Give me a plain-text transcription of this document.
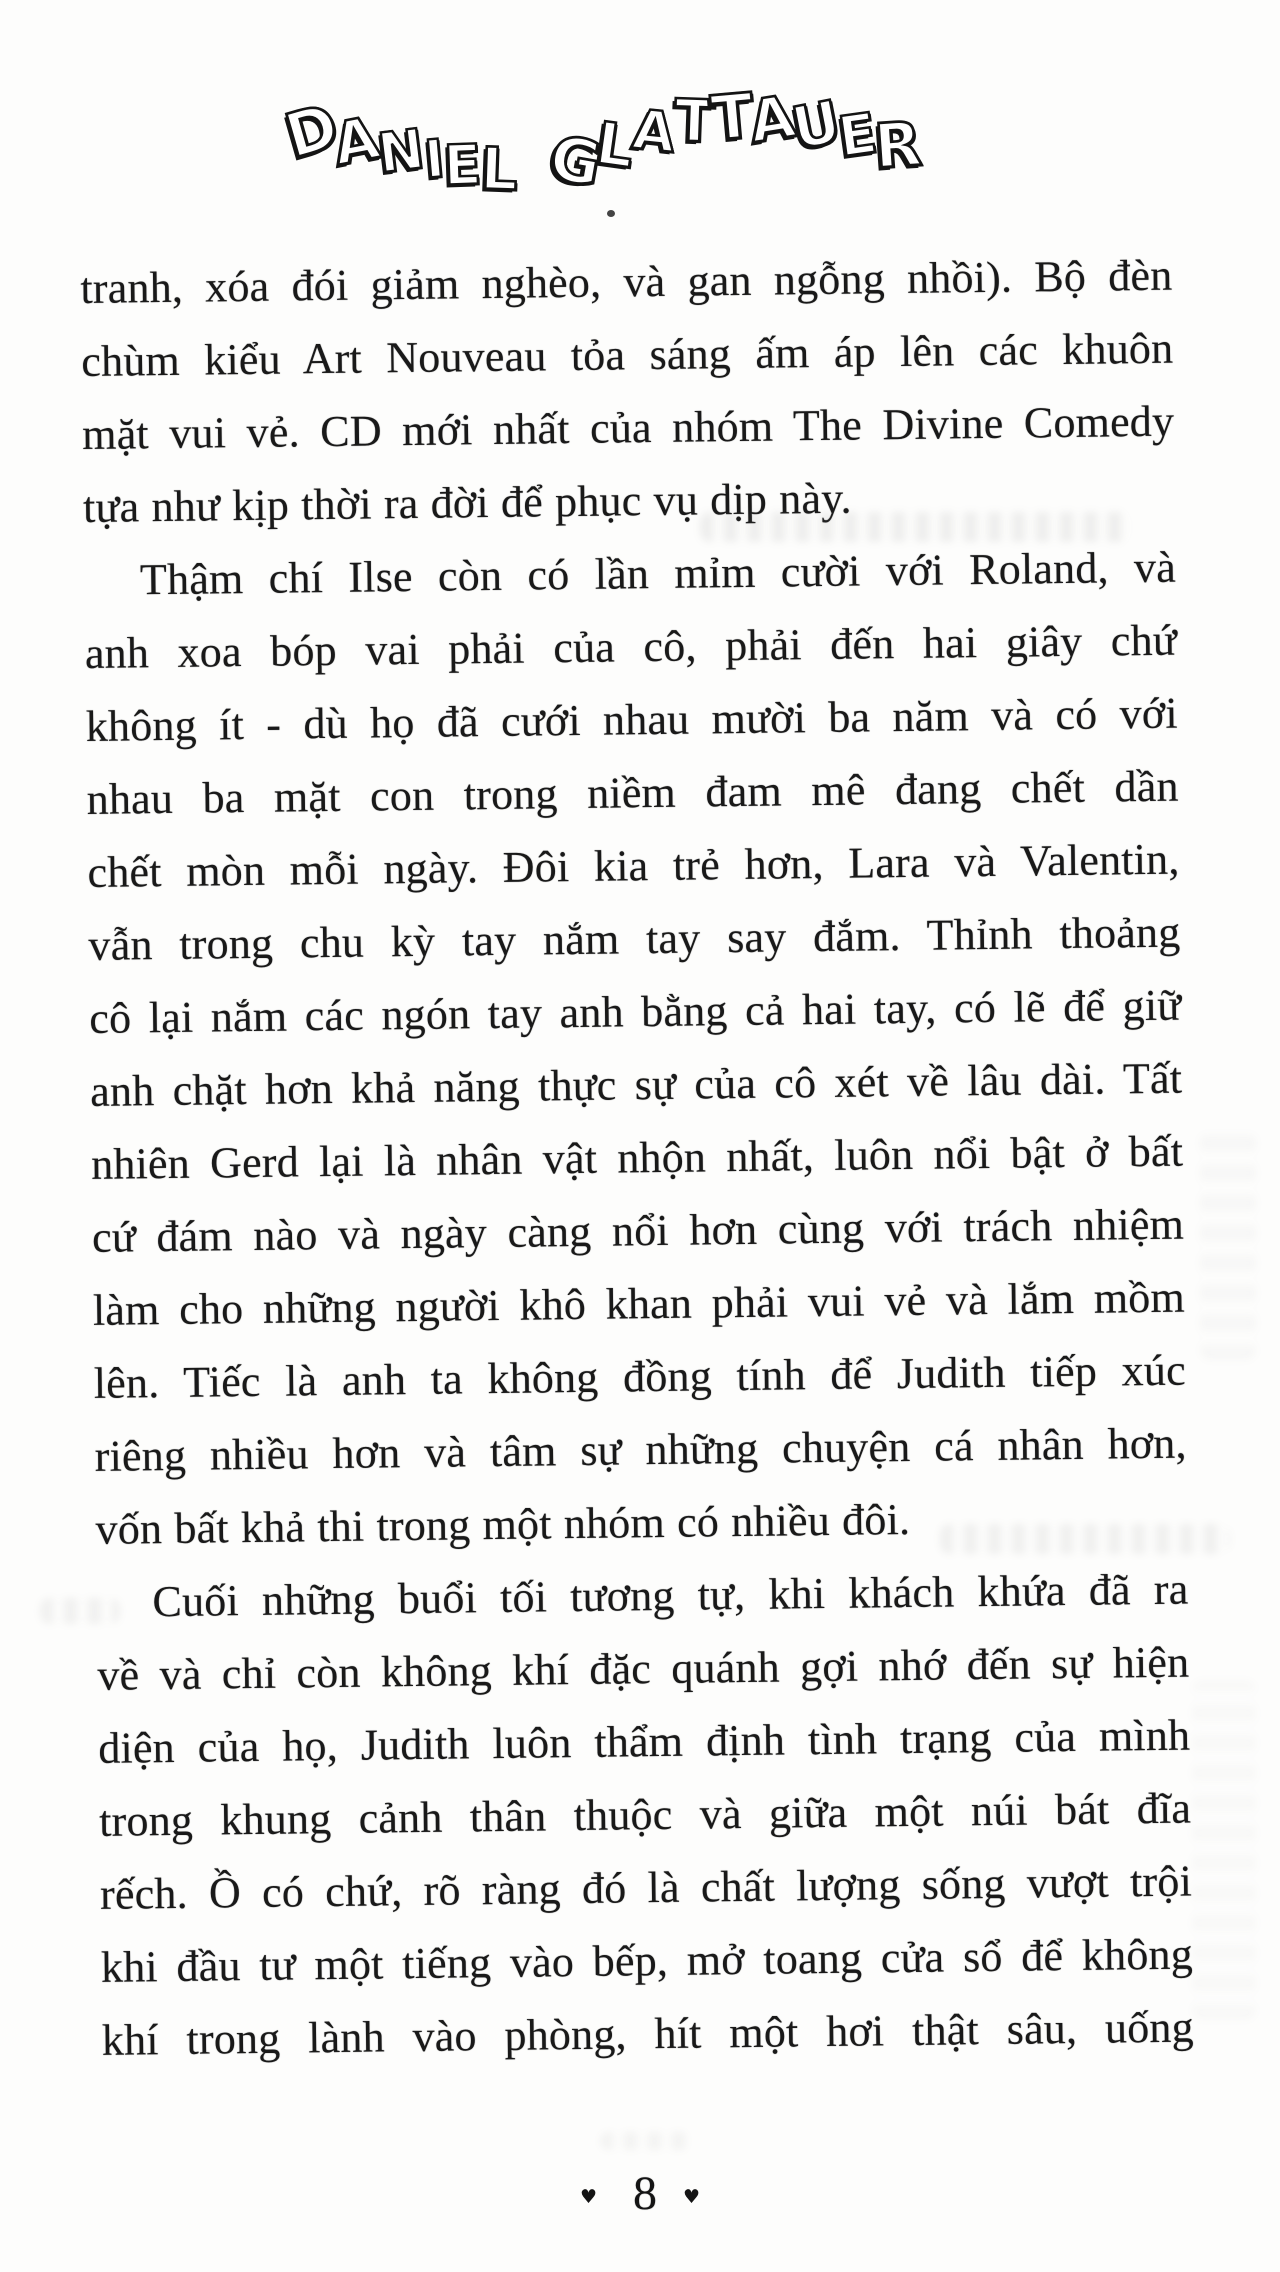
D
A
N
I
E
L G
L
A
T
T
A
U
E
R
tranh, xóa đói giảm nghèo, và gan ngỗng nhồi). Bộ đèn
chùm kiểu Art Nouveau tỏa sáng ấm áp lên các khuôn
mặt vui vẻ. CD mới nhất của nhóm The Divine Comedy
tựa như kịp thời ra đời để phục vụ dịp này.
Thậm chí Ilse còn có lần mỉm cười với Roland, và
anh xoa bóp vai phải của cô, phải đến hai giây chứ
không ít - dù họ đã cưới nhau mười ba năm và có với
nhau ba mặt con trong niềm đam mê đang chết dần
chết mòn mỗi ngày. Đôi kia trẻ hơn, Lara và Valentin,
vẫn trong chu kỳ tay nắm tay say đắm. Thỉnh thoảng
cô lại nắm các ngón tay anh bằng cả hai tay, có lẽ để giữ
anh chặt hơn khả năng thực sự của cô xét về lâu dài. Tất
nhiên Gerd lại là nhân vật nhộn nhất, luôn nổi bật ở bất
cứ đám nào và ngày càng nổi hơn cùng với trách nhiệm
làm cho những người khô khan phải vui vẻ và lắm mồm
lên. Tiếc là anh ta không đồng tính để Judith tiếp xúc
riêng nhiều hơn và tâm sự những chuyện cá nhân hơn,
vốn bất khả thi trong một nhóm có nhiều đôi.
Cuối những buổi tối tương tự, khi khách khứa đã ra
về và chỉ còn không khí đặc quánh gợi nhớ đến sự hiện
diện của họ, Judith luôn thẩm định tình trạng của mình
trong khung cảnh thân thuộc và giữa một núi bát đĩa
rếch. Ồ có chứ, rõ ràng đó là chất lượng sống vượt trội
khi đầu tư một tiếng vào bếp, mở toang cửa sổ để không
khí trong lành vào phòng, hít một hơi thật sâu, uống
♥ 8 ♥
